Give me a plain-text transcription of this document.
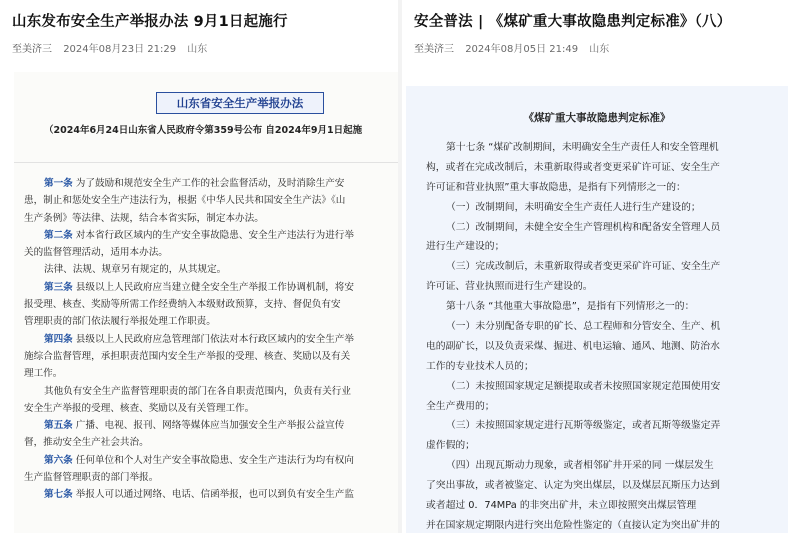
山东发布安全生产举报办法 9月1日起施行
至美济三 2024年08月23日 21:29 山东
山东省安全生产举报办法
（2024年6月24日山东省人民政府令第359号公布 自2024年9月1日起施
第一条 为了鼓励和规范安全生产工作的社会监督活动，及时消除生产安
患，制止和惩处安全生产违法行为，根据《中华人民共和国安全生产法》《山
生产条例》等法律、法规，结合本省实际，制定本办法。
第二条 对本省行政区域内的生产安全事故隐患、安全生产违法行为进行举
关的监督管理活动，适用本办法。
法律、法规、规章另有规定的，从其规定。
第三条 县级以上人民政府应当建立健全安全生产举报工作协调机制，将安
报受理、核查、奖励等所需工作经费纳入本级财政预算，支持、督促负有安
管理职责的部门依法履行举报处理工作职责。
第四条 县级以上人民政府应急管理部门依法对本行政区域内的安全生产举
施综合监督管理，承担职责范围内安全生产举报的受理、核查、奖励以及有关
理工作。
其他负有安全生产监督管理职责的部门在各自职责范围内，负责有关行业
安全生产举报的受理、核查、奖励以及有关管理工作。
第五条 广播、电视、报刊、网络等媒体应当加强安全生产举报公益宣传
督，推动安全生产社会共治。
第六条 任何单位和个人对生产安全事故隐患、安全生产违法行为均有权向
生产监督管理职责的部门举报。
第七条 举报人可以通过网络、电话、信函举报，也可以到负有安全生产监
安全普法 | 《煤矿重大事故隐患判定标准》（八）
至美济三 2024年08月05日 21:49 山东
《煤矿重大事故隐患判定标准》
第十七条 “煤矿改制期间，未明确安全生产责任人和安全管理机
构，或者在完成改制后，未重新取得或者变更采矿许可证、安全生产
许可证和营业执照”重大事故隐患，是指有下列情形之一的：
（一）改制期间，未明确安全生产责任人进行生产建设的；
（二）改制期间，未健全安全生产管理机构和配备安全管理人员
进行生产建设的；
（三）完成改制后，未重新取得或者变更采矿许可证、安全生产
许可证、营业执照而进行生产建设的。
第十八条 “其他重大事故隐患”，是指有下列情形之一的：
（一）未分别配备专职的矿长、总工程师和分管安全、生产、机
电的副矿长，以及负责采煤、掘进、机电运输、通风、地测、防治水
工作的专业技术人员的；
（二）未按照国家规定足额提取或者未按照国家规定范围使用安
全生产费用的；
（三）未按照国家规定进行瓦斯等级鉴定，或者瓦斯等级鉴定弄
虚作假的；
（四）出现瓦斯动力现象，或者相邻矿井开采的同 一煤层发生
了突出事故，或者被鉴定、认定为突出煤层，以及煤层瓦斯压力达到
或者超过 0．74MPa 的非突出矿井，未立即按照突出煤层管理
并在国家规定期限内进行突出危险性鉴定的（直接认定为突出矿井的
